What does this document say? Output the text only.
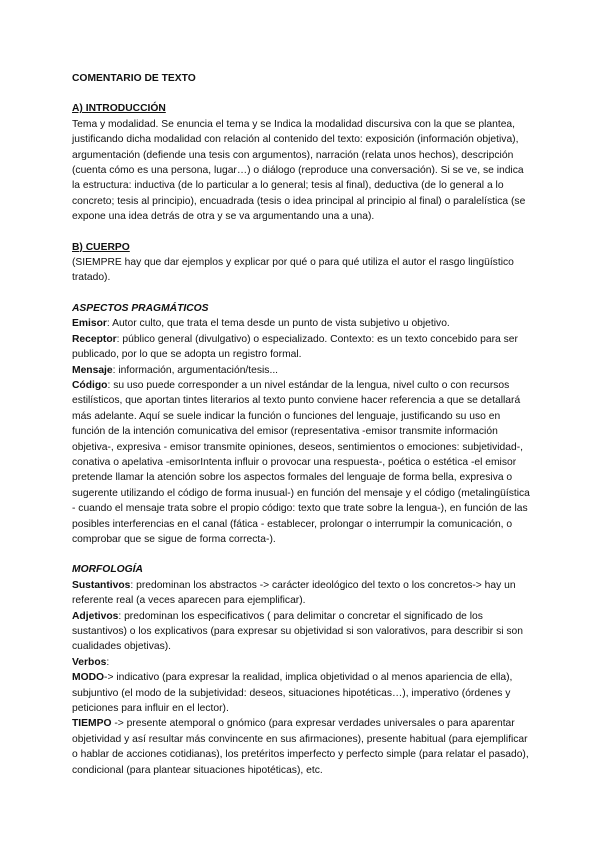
COMENTARIO DE TEXTO

A) INTRODUCCIÓN

Tema y modalidad. Se enuncia el tema y se Indica la modalidad discursiva con la que se plantea, justificando dicha modalidad con relación al contenido del texto: exposición (información objetiva), argumentación (defiende una tesis con argumentos), narración (relata unos hechos), descripción (cuenta cómo es una persona, lugar…) o diálogo (reproduce una conversación). Si se ve, se indica la estructura: inductiva (de lo particular a lo general; tesis al final), deductiva (de lo general a lo concreto; tesis al principio), encuadrada (tesis o idea principal al principio al final) o paralelística (se expone una idea detrás de otra y se va argumentando una a una).

B) CUERPO

(SIEMPRE hay que dar ejemplos y explicar por qué o para qué utiliza el autor el rasgo lingüístico tratado).

ASPECTOS PRAGMÁTICOS

Emisor: Autor culto, que trata el tema desde un punto de vista subjetivo u objetivo.

Receptor: público general (divulgativo) o especializado. Contexto: es un texto concebido para ser publicado, por lo que se adopta un registro formal.

Mensaje: información, argumentación/tesis...

Código: su uso puede corresponder a un nivel estándar de la lengua, nivel culto o con recursos estilísticos, que aportan tintes literarios al texto punto conviene hacer referencia a que se detallará más adelante. Aquí se suele indicar la función o funciones del lenguaje, justificando su uso en función de la intención comunicativa del emisor (representativa -emisor transmite información objetiva-, expresiva - emisor transmite opiniones, deseos, sentimientos o emociones: subjetividad-, conativa o apelativa -emisorIntenta influir o provocar una respuesta-, poética o estética -el emisor pretende llamar la atención sobre los aspectos formales del lenguaje de forma bella, expresiva o sugerente utilizando el código de forma inusual-) en función del mensaje y el código (metalingüística - cuando el mensaje trata sobre el propio código: texto que trate sobre la lengua-), en función de las posibles interferencias en el canal (fática - establecer, prolongar o interrumpir la comunicación, o comprobar que se sigue de forma correcta-).

MORFOLOGÍA

Sustantivos: predominan los abstractos -> carácter ideológico del texto o los concretos-> hay un referente real (a veces aparecen para ejemplificar).

Adjetivos: predominan los especificativos ( para delimitar o concretar el significado de los sustantivos) o los explicativos (para expresar su objetividad si son valorativos, para describir si son cualidades objetivas).

Verbos:

MODO-> indicativo (para expresar la realidad, implica objetividad o al menos apariencia de ella), subjuntivo (el modo de la subjetividad: deseos, situaciones hipotéticas…), imperativo (órdenes y peticiones para influir en el lector).

TIEMPO -> presente atemporal o gnómico (para expresar verdades universales o para aparentar objetividad y así resultar más convincente en sus afirmaciones), presente habitual (para ejemplificar o hablar de acciones cotidianas), los pretéritos imperfecto y perfecto simple (para relatar el pasado), condicional (para plantear situaciones hipotéticas), etc.
